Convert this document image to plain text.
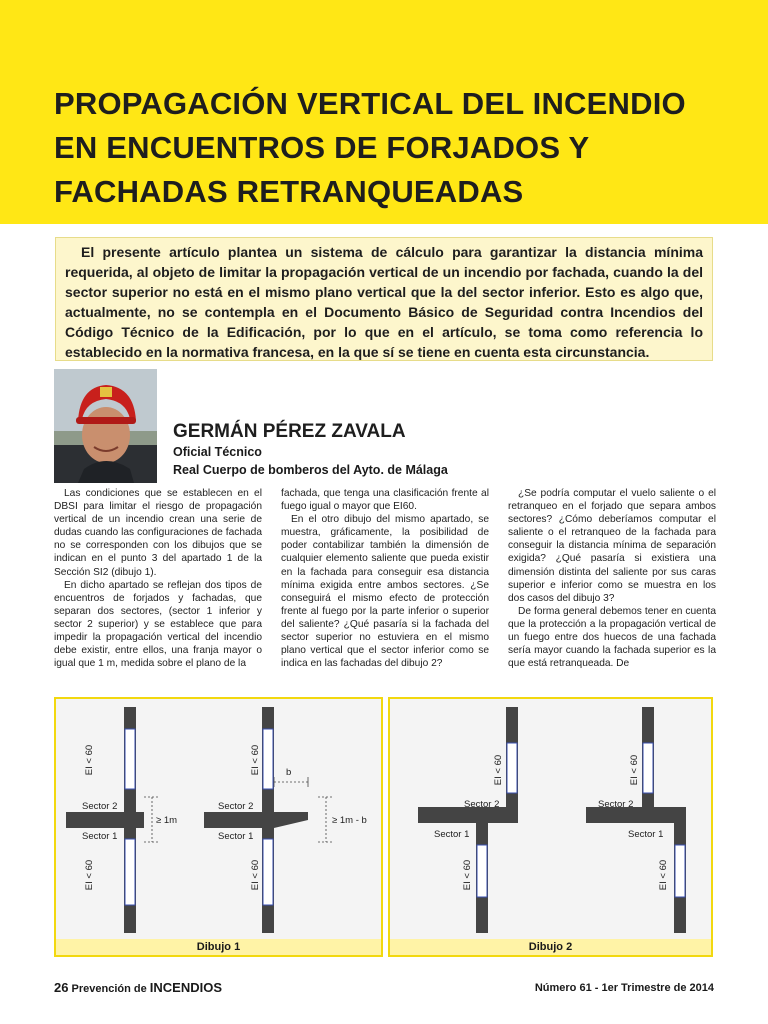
PROPAGACIÓN VERTICAL DEL INCENDIO
EN ENCUENTROS DE FORJADOS Y
FACHADAS RETRANQUEADAS

El presente artículo plantea un sistema de cálculo para garantizar la distancia mínima requerida, al objeto de limitar la propagación vertical de un incendio por fachada, cuando la del sector superior no está en el mismo plano vertical que la del sector inferior. Esto es algo que, actualmente, no se contempla en el Documento Básico de Seguridad contra Incendios del Código Técnico de la Edificación, por lo que en el artículo, se toma como referencia lo establecido en la normativa francesa, en la que sí se tiene en cuenta esta circunstancia.

GERMÁN PÉREZ ZAVALA
Oficial Técnico
Real Cuerpo de bomberos del Ayto. de Málaga

Las condiciones que se establecen en el DBSI para limitar el riesgo de propagación vertical de un incendio crean una serie de dudas cuando las configuraciones de fachada no se corresponden con los dibujos que se indican en el punto 3 del apartado 1 de la Sección SI2 (dibujo 1).

En dicho apartado se reflejan dos tipos de encuentros de forjados y fachadas, que separan dos sectores, (sector 1 inferior y sector 2 superior) y se establece que para impedir la propagación vertical del incendio debe existir, entre ellos, una franja mayor o igual que 1 m, medida sobre el plano de la

fachada, que tenga una clasificación frente al fuego igual o mayor que EI60.

En el otro dibujo del mismo apartado, se muestra, gráficamente, la posibilidad de poder contabilizar también la dimensión de cualquier elemento saliente que pueda existir en la fachada para conseguir esa distancia mínima exigida entre ambos sectores. ¿Se conseguirá el mismo efecto de protección frente al fuego por la parte inferior o superior del saliente? ¿Qué pasaría si la fachada del sector superior no estuviera en el mismo plano vertical que el sector inferior como se indica en las fachadas del dibujo 2?

¿Se podría computar el vuelo saliente o el retranqueo en el forjado que separa ambos sectores? ¿Cómo deberíamos computar el saliente o el retranqueo de la fachada para conseguir la distancia mínima de separación exigida? ¿Qué pasaría si existiera una dimensión distinta del saliente por sus caras superior e inferior como se muestra en los dos casos del dibujo 3?

De forma general debemos tener en cuenta que la protección a la propagación vertical de un fuego entre dos huecos de una fachada sería mayor cuando la fachada superior es la que está retranqueada. De

EI < 60
EI < 60
Sector 2
Sector 1
≥ 1m
EI < 60
EI < 60
Sector 2
Sector 1
b
≥ 1m - b
Dibujo 1
EI < 60
EI < 60
Sector 2
Sector 1
EI < 60
EI < 60
Sector 2
Sector 1
Dibujo 2
26 Prevención de INCENDIOS	Número 61 - 1er Trimestre de 2014
